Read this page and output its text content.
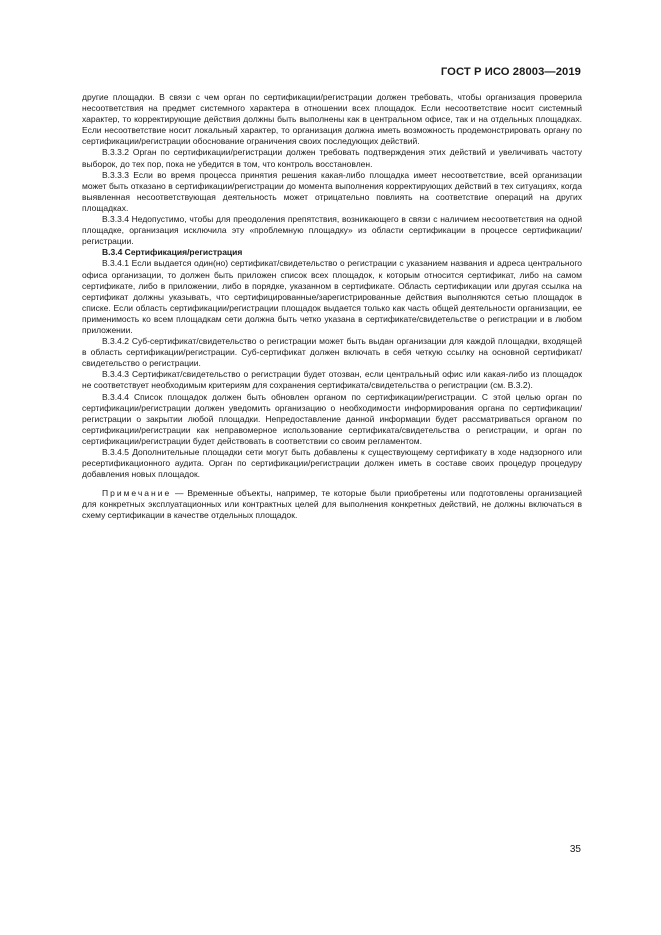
ГОСТ Р ИСО 28003—2019

другие площадки. В связи с чем орган по сертификации/регистрации должен требовать, чтобы организация проверила несоответствия на предмет системного характера в отношении всех площадок. Если несоответствие носит системный характер, то корректирующие действия должны быть выполнены как в центральном офисе, так и на отдельных площадках. Если несоответствие носит локальный характер, то организация должна иметь возможность продемонстрировать органу по сертификации/регистрации обоснование ограничения своих последующих действий.

В.3.3.2 Орган по сертификации/регистрации должен требовать подтверждения этих действий и увеличивать частоту выборок, до тех пор, пока не убедится в том, что контроль восстановлен.

В.3.3.3 Если во время процесса принятия решения какая-либо площадка имеет несоответствие, всей организации может быть отказано в сертификации/регистрации до момента выполнения корректирующих действий в тех ситуациях, когда выявленная несоответствующая деятельность может отрицательно повлиять на соответствие операций на других площадках.

В.3.3.4 Недопустимо, чтобы для преодоления препятствия, возникающего в связи с наличием несоответствия на одной площадке, организация исключила эту «проблемную площадку» из области сертификации в процессе сертификации/регистрации.

В.3.4 Сертификация/регистрация

В.3.4.1 Если выдается один(но) сертификат/свидетельство о регистрации с указанием названия и адреса центрального офиса организации, то должен быть приложен список всех площадок, к которым относится сертификат, либо на самом сертификате, либо в приложении, либо в порядке, указанном в сертификате. Область сертификации или другая ссылка на сертификат должны указывать, что сертифицированные/зарегистрированные действия выполняются сетью площадок в списке. Если область сертификации/регистрации площадок выдается только как часть общей деятельности организации, ее применимость ко всем площадкам сети должна быть четко указана в сертификате/свидетельстве о регистрации и в любом приложении.

В.3.4.2 Суб-сертификат/свидетельство о регистрации может быть выдан организации для каждой площадки, входящей в область сертификации/регистрации. Суб-сертификат должен включать в себя четкую ссылку на основной сертификат/свидетельство о регистрации.

В.3.4.3 Сертификат/свидетельство о регистрации будет отозван, если центральный офис или какая-либо из площадок не соответствует необходимым критериям для сохранения сертификата/свидетельства о регистрации (см. В.3.2).

В.3.4.4 Список площадок должен быть обновлен органом по сертификации/регистрации. С этой целью орган по сертификации/регистрации должен уведомить организацию о необходимости информирования органа по сертификации/регистрации о закрытии любой площадки. Непредоставление данной информации будет рассматриваться органом по сертификации/регистрации как неправомерное использование сертификата/свидетельства о регистрации, и орган по сертификации/регистрации будет действовать в соответствии со своим регламентом.

В.3.4.5 Дополнительные площадки сети могут быть добавлены к существующему сертификату в ходе надзорного или ресертификационного аудита. Орган по сертификации/регистрации должен иметь в составе своих процедур процедуру добавления новых площадок.

Примечание — Временные объекты, например, те которые были приобретены или подготовлены организацией для конкретных эксплуатационных или контрактных целей для выполнения конкретных действий, не должны включаться в схему сертификации в качестве отдельных площадок.

35
